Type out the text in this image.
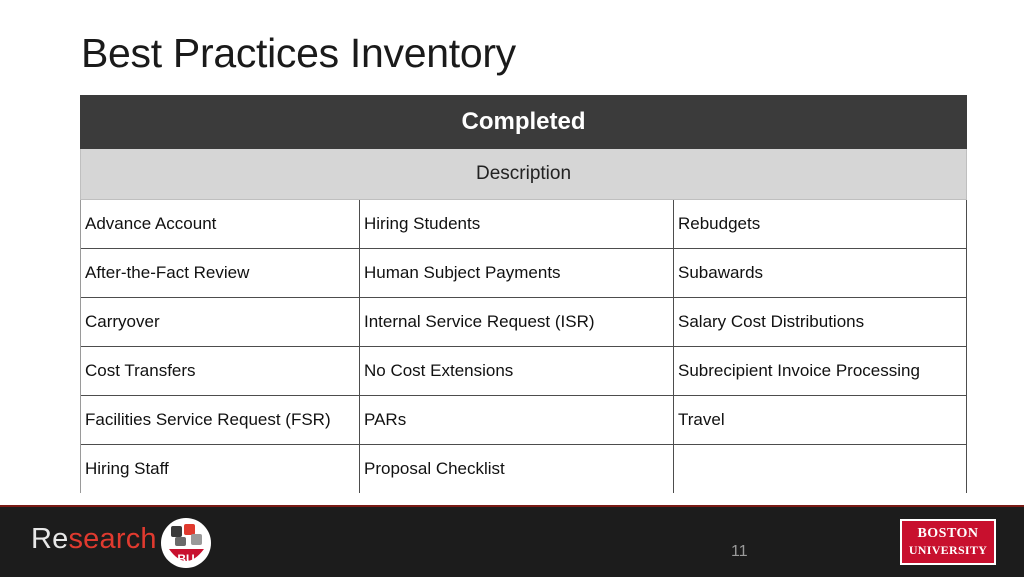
Best Practices Inventory
Completed		
Description		
Advance Account	Hiring Students	Rebudgets
After-the-Fact Review	Human Subject Payments	Subawards
Carryover	Internal Service Request (ISR)	Salary Cost Distributions
Cost Transfers	No Cost Extensions	Subrecipient Invoice Processing
Facilities Service Request (FSR)	PARs	Travel
Hiring Staff	Proposal Checklist	
Research
BU	11
BOSTON
UNIVERSITY
